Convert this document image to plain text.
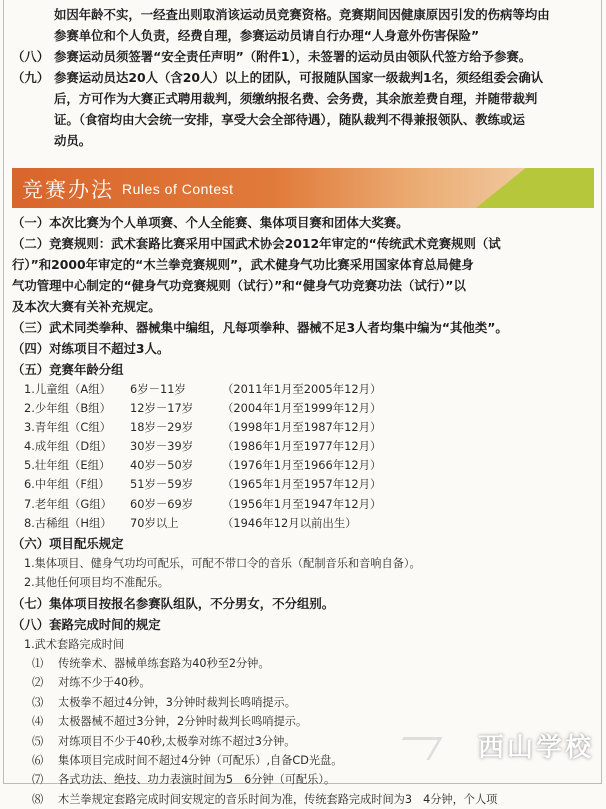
如因年龄不实，一经查出则取消该运动员竞赛资格。竞赛期间因健康原因引发的伤病等均由
参赛单位和个人负责，经费自理，参赛运动员请自行办理“人身意外伤害保险”
（八） 参赛运动员须签署“安全责任声明”（附件1），未签署的运动员由领队代签方给予参赛。
（九） 参赛运动员达20人（含20人）以上的团队，可报随队国家一级裁判1名，须经组委会确认
后，方可作为大赛正式聘用裁判，须缴纳报名费、会务费，其余旅差费自理，并随带裁判
证。（食宿均由大会统一安排，享受大会全部待遇），随队裁判不得兼报领队、教练或运
动员。
竞赛办法 Rules of Contest
（一）本次比赛为个人单项赛、个人全能赛、集体项目赛和团体大奖赛。
（二）竞赛规则：武术套路比赛采用中国武术协会2012年审定的“传统武术竞赛规则（试
行）”和2000年审定的“木兰拳竞赛规则”，武术健身气功比赛采用国家体育总局健身
气功管理中心制定的“健身气功竞赛规则（试行）”和“健身气功竞赛功法（试行）”以
及本次大赛有关补充规定。
（三）武术同类拳种、器械集中编组，凡每项拳种、器械不足3人者均集中编为“其他类”。
（四）对练项目不超过3人。
（五）竞赛年龄分组
1.儿童组（A组）	6岁－11岁	（2011年1月至2005年12月）
2.少年组（B组）	12岁－17岁	（2004年1月至1999年12月）
3.青年组（C组）	18岁－29岁	（1998年1月至1987年12月）
4.成年组（D组）	30岁－39岁	（1986年1月至1977年12月）
5.壮年组（E组）	40岁－50岁	（1976年1月至1966年12月）
6.中年组（F组）	51岁－59岁	（1965年1月至1957年12月）
7.老年组（G组）	60岁－69岁	（1956年1月至1947年12月）
8.古稀组（H组）	70岁以上	（1946年12月以前出生）
（六）项目配乐规定
1.集体项目、健身气功均可配乐，可配不带口令的音乐（配制音乐和音响自备）。
2.其他任何项目均不准配乐。
（七）集体项目按报名参赛队组队，不分男女，不分组别。
（八）套路完成时间的规定
1.武术套路完成时间
⑴	传统拳术、器械单练套路为40秒至2分钟。
⑵	对练不少于40秒。
⑶	太极拳不超过4分钟，3分钟时裁判长鸣哨提示。
⑷	太极器械不超过3分钟，2分钟时裁判长鸣哨提示。
⑸	对练项目不少于40秒,太极拳对练不超过3分钟。
⑹	集体项目完成时间不超过4分钟（可配乐）,自备CD光盘。
⑺	各式功法、绝技、功力表演时间为5　6分钟（可配乐）。
⑻	木兰拳规定套路完成时间安规定的音乐时间为准，传统套路完成时间为3　4分钟，个人项
西山学校
